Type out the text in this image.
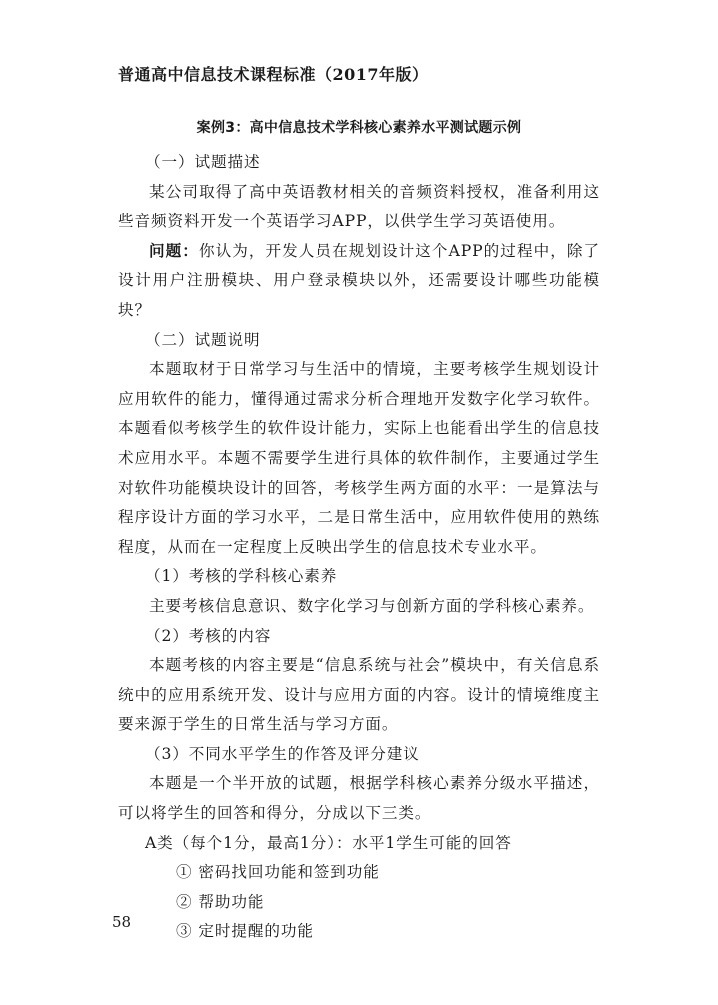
普通高中信息技术课程标准（2017年版）
案例3：高中信息技术学科核心素养水平测试题示例

（一）试题描述

某公司取得了高中英语教材相关的音频资料授权，准备利用这些音频资料开发一个英语学习APP，以供学生学习英语使用。

问题：你认为，开发人员在规划设计这个APP的过程中，除了设计用户注册模块、用户登录模块以外，还需要设计哪些功能模块？

（二）试题说明

本题取材于日常学习与生活中的情境，主要考核学生规划设计应用软件的能力，懂得通过需求分析合理地开发数字化学习软件。本题看似考核学生的软件设计能力，实际上也能看出学生的信息技术应用水平。本题不需要学生进行具体的软件制作，主要通过学生对软件功能模块设计的回答，考核学生两方面的水平：一是算法与程序设计方面的学习水平，二是日常生活中，应用软件使用的熟练程度，从而在一定程度上反映出学生的信息技术专业水平。

（1）考核的学科核心素养

主要考核信息意识、数字化学习与创新方面的学科核心素养。

（2）考核的内容

本题考核的内容主要是“信息系统与社会”模块中，有关信息系统中的应用系统开发、设计与应用方面的内容。设计的情境维度主要来源于学生的日常生活与学习方面。

（3）不同水平学生的作答及评分建议

本题是一个半开放的试题，根据学科核心素养分级水平描述，可以将学生的回答和得分，分成以下三类。

A类（每个1分，最高1分）：水平1学生可能的回答

① 密码找回功能和签到功能

② 帮助功能

③ 定时提醒的功能

58
